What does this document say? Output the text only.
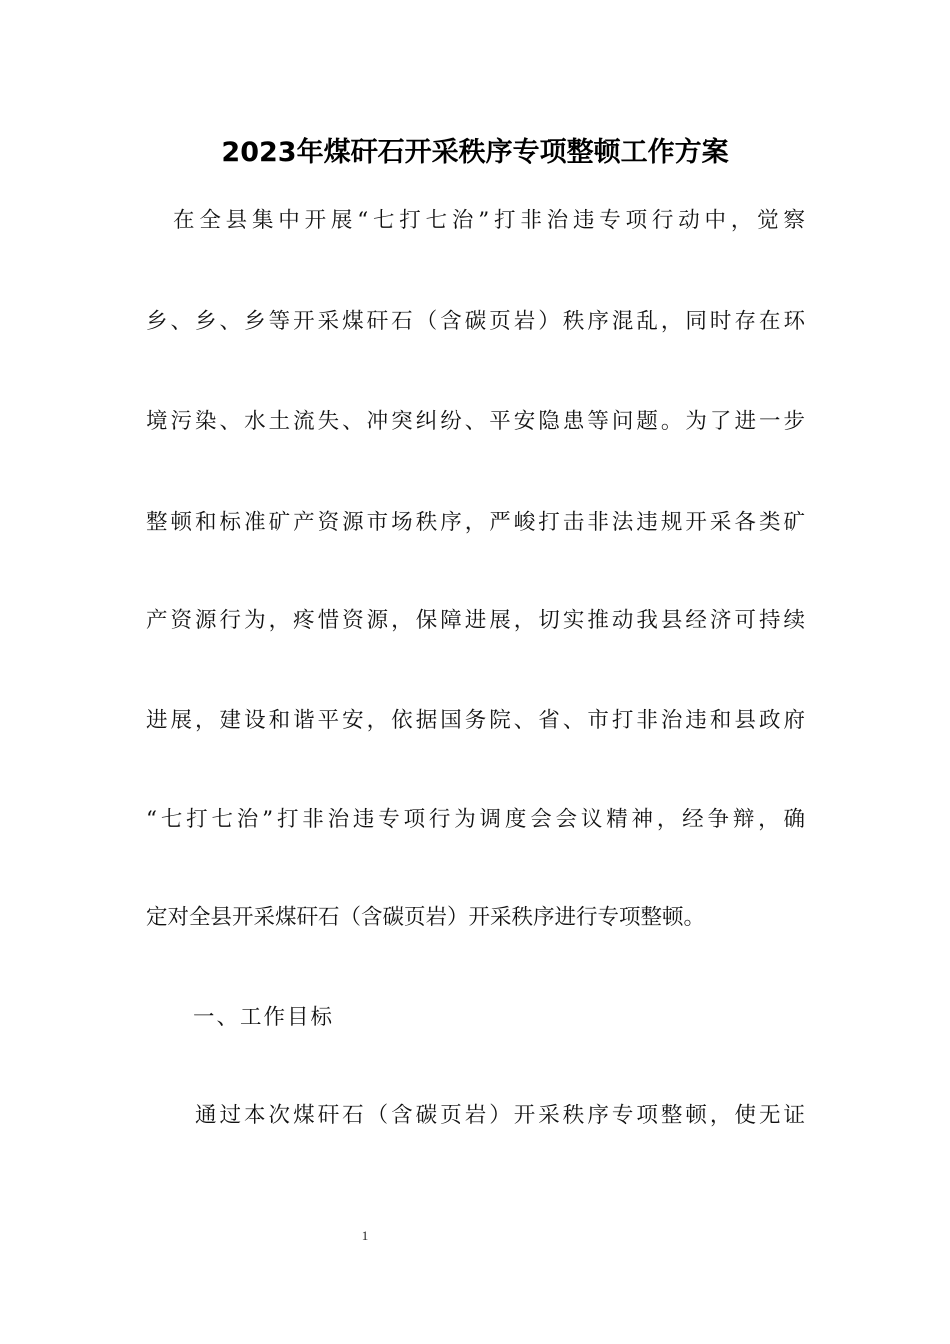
2023年煤矸石开采秩序专项整顿工作方案
在全县集中开展“七打七治”打非治违专项行动中，觉察
乡、乡、乡等开采煤矸石（含碳页岩）秩序混乱，同时存在环
境污染、水土流失、冲突纠纷、平安隐患等问题。为了进一步
整顿和标准矿产资源市场秩序，严峻打击非法违规开采各类矿
产资源行为，疼惜资源，保障进展，切实推动我县经济可持续
进展，建设和谐平安，依据国务院、省、市打非治违和县政府
“七打七治”打非治违专项行为调度会会议精神，经争辩，确
定对全县开采煤矸石（含碳页岩）开采秩序进行专项整顿。
一、工作目标
通过本次煤矸石（含碳页岩）开采秩序专项整顿，使无证
1
